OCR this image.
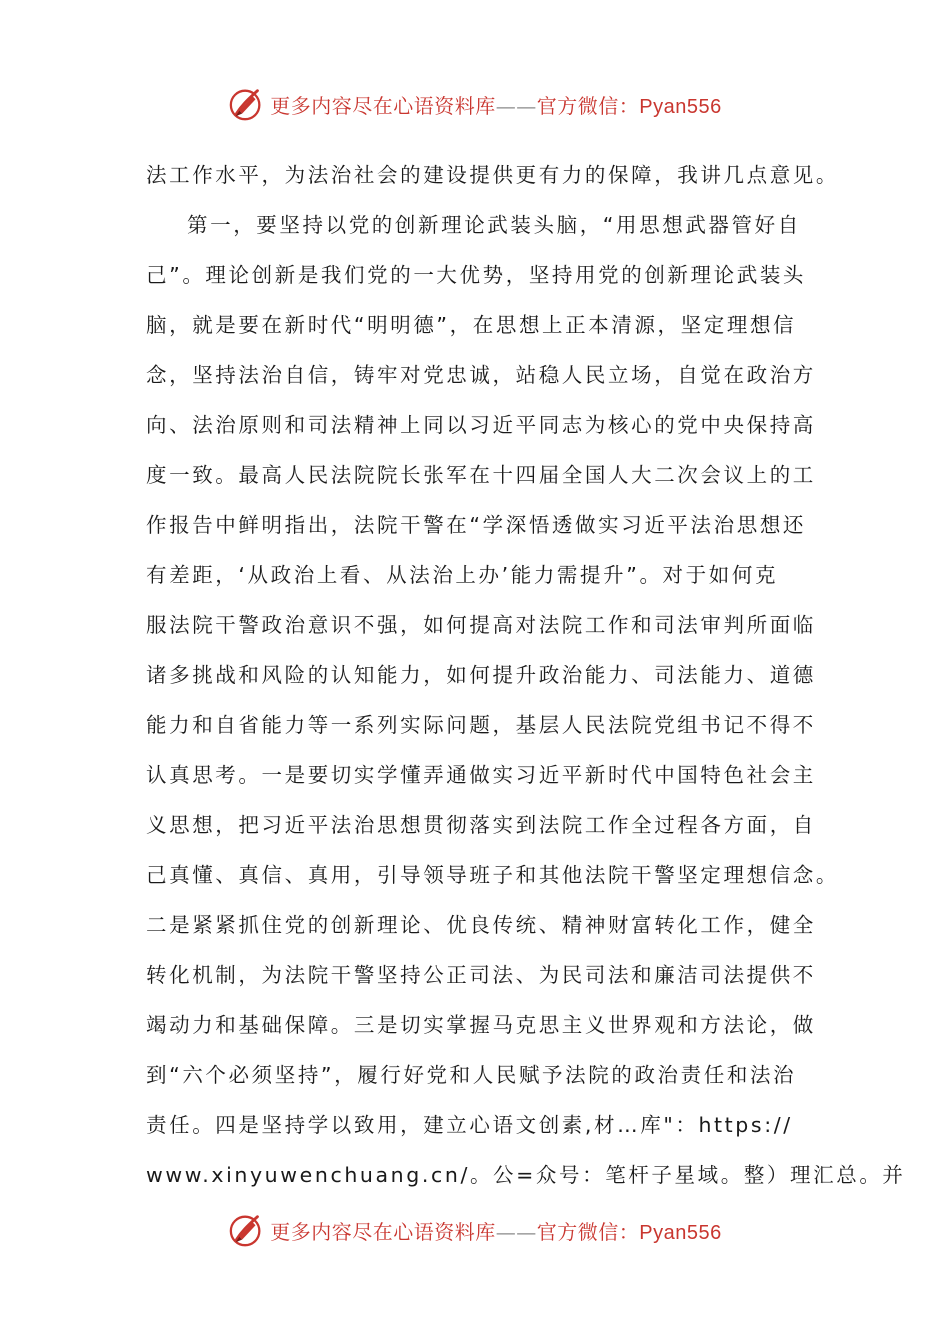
更多内容尽在心语资料库——官方微信：Pyan556
法工作水平，为法治社会的建设提供更有力的保障，我讲几点意见。
第一，要坚持以党的创新理论武装头脑，“用思想武器管好自
己”。理论创新是我们党的一大优势，坚持用党的创新理论武装头
脑，就是要在新时代“明明德”，在思想上正本清源，坚定理想信
念，坚持法治自信，铸牢对党忠诚，站稳人民立场，自觉在政治方
向、法治原则和司法精神上同以习近平同志为核心的党中央保持高
度一致。最高人民法院院长张军在十四届全国人大二次会议上的工
作报告中鲜明指出，法院干警在“学深悟透做实习近平法治思想还
有差距，‘从政治上看、从法治上办’能力需提升”。对于如何克
服法院干警政治意识不强，如何提高对法院工作和司法审判所面临
诸多挑战和风险的认知能力，如何提升政治能力、司法能力、道德
能力和自省能力等一系列实际问题，基层人民法院党组书记不得不
认真思考。一是要切实学懂弄通做实习近平新时代中国特色社会主
义思想，把习近平法治思想贯彻落实到法院工作全过程各方面，自
己真懂、真信、真用，引导领导班子和其他法院干警坚定理想信念。
二是紧紧抓住党的创新理论、优良传统、精神财富转化工作，健全
转化机制，为法院干警坚持公正司法、为民司法和廉洁司法提供不
竭动力和基础保障。三是切实掌握马克思主义世界观和方法论，做
到“六个必须坚持”，履行好党和人民赋予法院的政治责任和法治
责任。四是坚持学以致用，建立心语文创素,材…库"：https://
www.xinyuwenchuang.cn/。公=众号：笔杆子星域。整）理汇总。并
更多内容尽在心语资料库——官方微信：Pyan556
